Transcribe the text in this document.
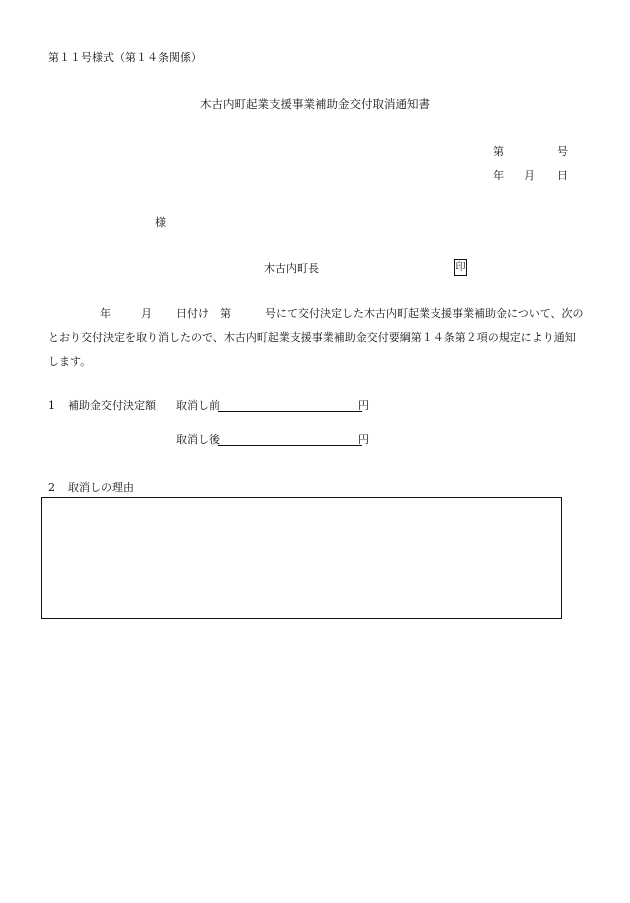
第１１号様式（第１４条関係）
木古内町起業支援事業補助金交付取消通知書
第	号
年 月 日
様
木古内町長	印
年	月 日付け　第	号にて交付決定した木古内町起業支援事業補助金について、次の
とおり交付決定を取り消したので、木古内町起業支援事業補助金交付要綱第１４条第２項の規定により通知
します。
1 補助金交付決定額 取消し前	円
取消し後	円
2 取消しの理由
